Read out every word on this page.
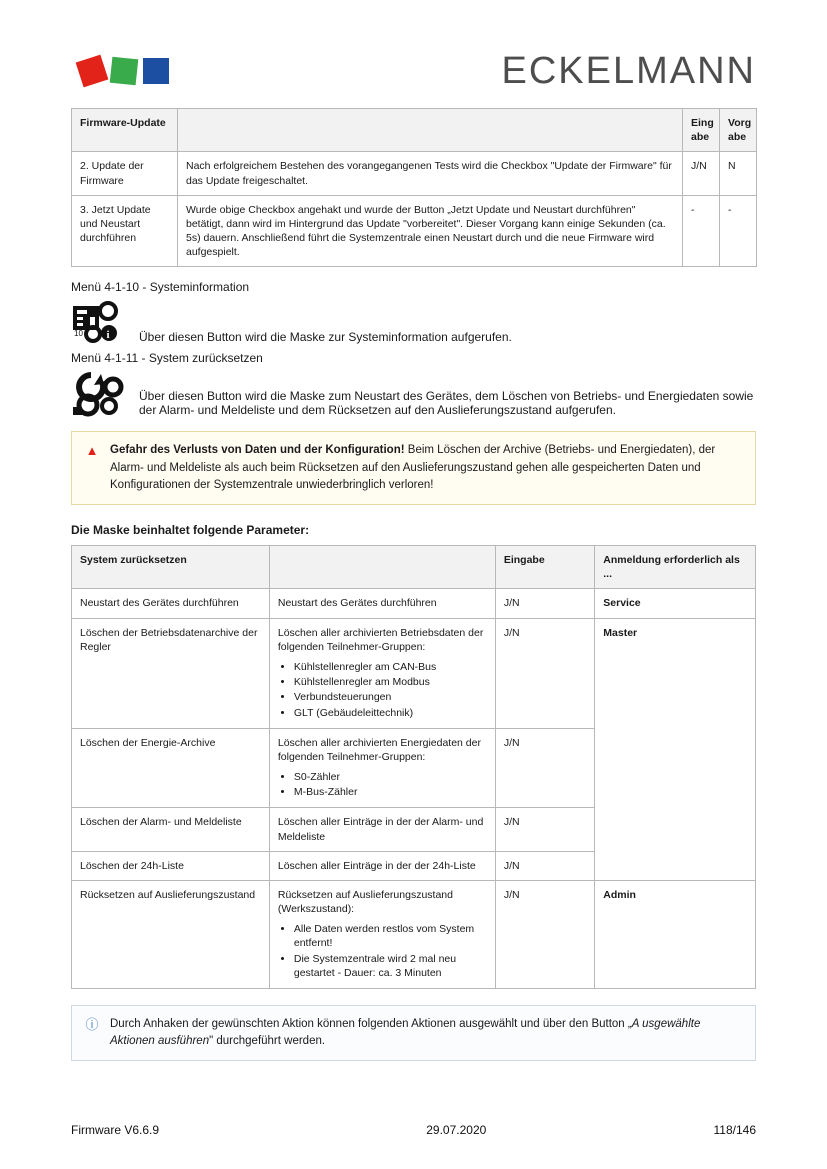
ECKELMANN
Firmware-Update		Eing abe	Vorg abe
2. Update der Firmware	Nach erfolgreichem Bestehen des vorangegangenen Tests wird die Checkbox "Update der Firmware" für das Update freigeschaltet.	J/N	N
3. Jetzt Update und Neustart durchführen	Wurde obige Checkbox angehakt und wurde der Button „Jetzt Update und Neustart durchführen" betätigt, dann wird im Hintergrund das Update "vorbereitet". Dieser Vorgang kann einige Sekunden (ca. 5s) dauern. Anschließend führt die Systemzentrale einen Neustart durch und die neue Firmware wird aufgespielt.	-	-
Menü 4-1-10 - Systeminformation
10 i Über diesen Button wird die Maske zur Systeminformation aufgerufen.
Menü 4-1-11 - System zurücksetzen
Über diesen Button wird die Maske zum Neustart des Gerätes, dem Löschen von Betriebs- und Energiedaten sowie der Alarm- und Meldeliste und dem Rücksetzen auf den Auslieferungszustand aufgerufen.
▲ Gefahr des Verlusts von Daten und der Konfiguration! Beim Löschen der Archive (Betriebs- und Energiedaten), der Alarm- und Meldeliste als auch beim Rücksetzen auf den Auslieferungszustand gehen alle gespeicherten Daten und Konfigurationen der Systemzentrale unwiederbringlich verloren!
Die Maske beinhaltet folgende Parameter:
System zurücksetzen		Eingabe	Anmeldung erforderlich als ...
Neustart des Gerätes durchführen	Neustart des Gerätes durchführen	J/N	Service
Löschen der Betriebsdatenarchive der Regler	Löschen aller archivierten Betriebsdaten der folgenden Teilnehmer-Gruppen:
• Kühlstellenregler am CAN-Bus
• Kühlstellenregler am Modbus
• Verbundsteuerungen
• GLT (Gebäudeleittechnik)
	J/N	Master
Löschen der Energie-Archive	Löschen aller archivierten Energiedaten der folgenden Teilnehmer-Gruppen:
• S0-Zähler
• M-Bus-Zähler
	J/N
Löschen der Alarm- und Meldeliste	Löschen aller Einträge in der der Alarm- und Meldeliste	J/N	
Löschen der 24h-Liste	Löschen aller Einträge in der der 24h-Liste	J/N	
Rücksetzen auf Auslieferungszustand	Rücksetzen auf Auslieferungszustand (Werkszustand):
• Alle Daten werden restlos vom System entfernt!
• Die Systemzentrale wird 2 mal neu gestartet - Dauer: ca. 3 Minuten
	J/N	Admin
ⓘ Durch Anhaken der gewünschten Aktion können folgenden Aktionen ausgewählt und über den Button „A usgewählte Aktionen ausführen" durchgeführt werden.
Firmware V6.6.9	29.07.2020	118/146
